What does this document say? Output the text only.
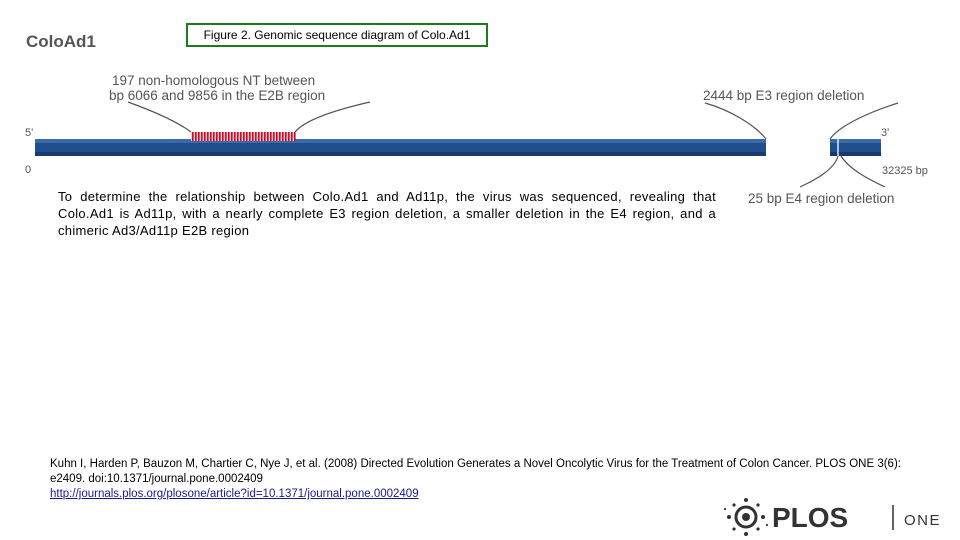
ColoAd1
197 non-homologous NT between
bp 6066 and 9856 in the E2B region	2444 bp E3 region deletion
5'	3'
0	32325 bp
25 bp E4 region deletion
Figure 2. Genomic sequence diagram of Colo.Ad1
To determine the relationship between Colo.Ad1 and Ad11p, the virus was sequenced, revealing that Colo.Ad1 is Ad11p, with a nearly complete E3 region deletion, a smaller deletion in the E4 region, and a chimeric Ad3/Ad11p E2B region
Kuhn I, Harden P, Bauzon M, Chartier C, Nye J, et al. (2008) Directed Evolution Generates a Novel Oncolytic Virus for the Treatment of Colon Cancer. PLOS ONE 3(6): e2409. doi:10.1371/journal.pone.0002409
http://journals.plos.org/plosone/article?id=10.1371/journal.pone.0002409
PLOS	ONE
